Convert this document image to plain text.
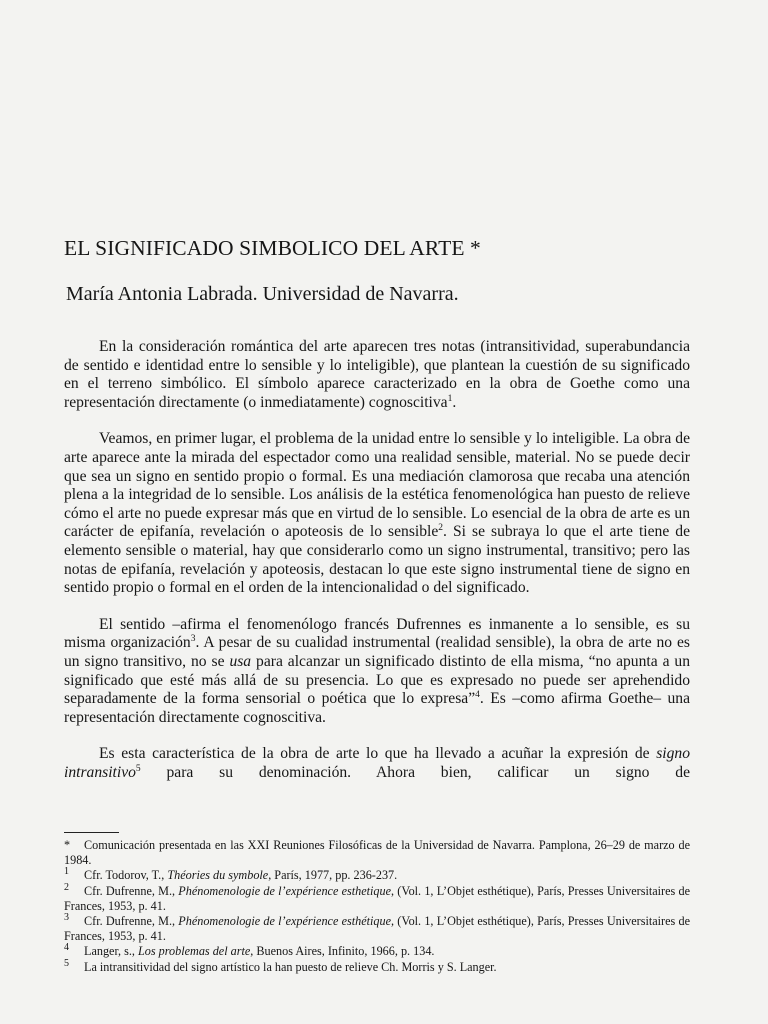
EL SIGNIFICADO SIMBOLICO DEL ARTE *
María Antonia Labrada. Universidad de Navarra.

En la consideración romántica del arte aparecen tres notas (intransitividad, superabundancia de sentido e identidad entre lo sensible y lo inteligible), que plantean la cuestión de su significado en el terreno simbólico. El símbolo aparece caracterizado en la obra de Goethe como una representación directamente (o inmediatamente) cognoscitiva$^1$.

Veamos, en primer lugar, el problema de la unidad entre lo sensible y lo inteligible. La obra de arte aparece ante la mirada del espectador como una realidad sensible, material. No se puede decir que sea un signo en sentido propio o formal. Es una mediación clamorosa que recaba una atención plena a la integridad de lo sensible. Los análisis de la estética fenomenológica han puesto de relieve cómo el arte no puede expresar más que en virtud de lo sensible. Lo esencial de la obra de arte es un carácter de epifanía, revelación o apoteosis de lo sensible$^2$. Si se subraya lo que el arte tiene de elemento sensible o material, hay que considerarlo como un signo instrumental, transitivo; pero las notas de epifanía, revelación y apoteosis, destacan lo que este signo instrumental tiene de signo en sentido propio o formal en el orden de la intencionalidad o del significado.

El sentido –afirma el fenomenólogo francés Dufrennes es inmanente a lo sensible, es su misma organización$^3$. A pesar de su cualidad instrumental (realidad sensible), la obra de arte no es un signo transitivo, no se usa para alcanzar un significado distinto de ella misma, “no apunta a un significado que esté más allá de su presencia. Lo que es expresado no puede ser aprehendido separadamente de la forma sensorial o poética que lo expresa”$^4$. Es –como afirma Goethe– una representación directamente cognoscitiva.

Es esta característica de la obra de arte lo que ha llevado a acuñar la expresión de signo intransitivo$^5$ para su denominación. Ahora bien, calificar un signo de

* Comunicación presentada en las XXI Reuniones Filosóficas de la Universidad de Navarra. Pamplona, 26–29 de marzo de 1984.

$^1$ Cfr. Todorov, T., Théories du symbole, París, 1977, pp. 236-237.

$^2$ Cfr. Dufrenne, M., Phénomenologie de l’expérience esthetique, (Vol. 1, L’Objet esthétique), París, Presses Universitaires de Frances, 1953, p. 41.

$^3$ Cfr. Dufrenne, M., Phénomenologie de l’expérience esthétique, (Vol. 1, L’Objet esthétique), París, Presses Universitaires de Frances, 1953, p. 41.

$^4$ Langer, s., Los problemas del arte, Buenos Aires, Infinito, 1966, p. 134.

$^5$ La intransitividad del signo artístico la han puesto de relieve Ch. Morris y S. Langer.
